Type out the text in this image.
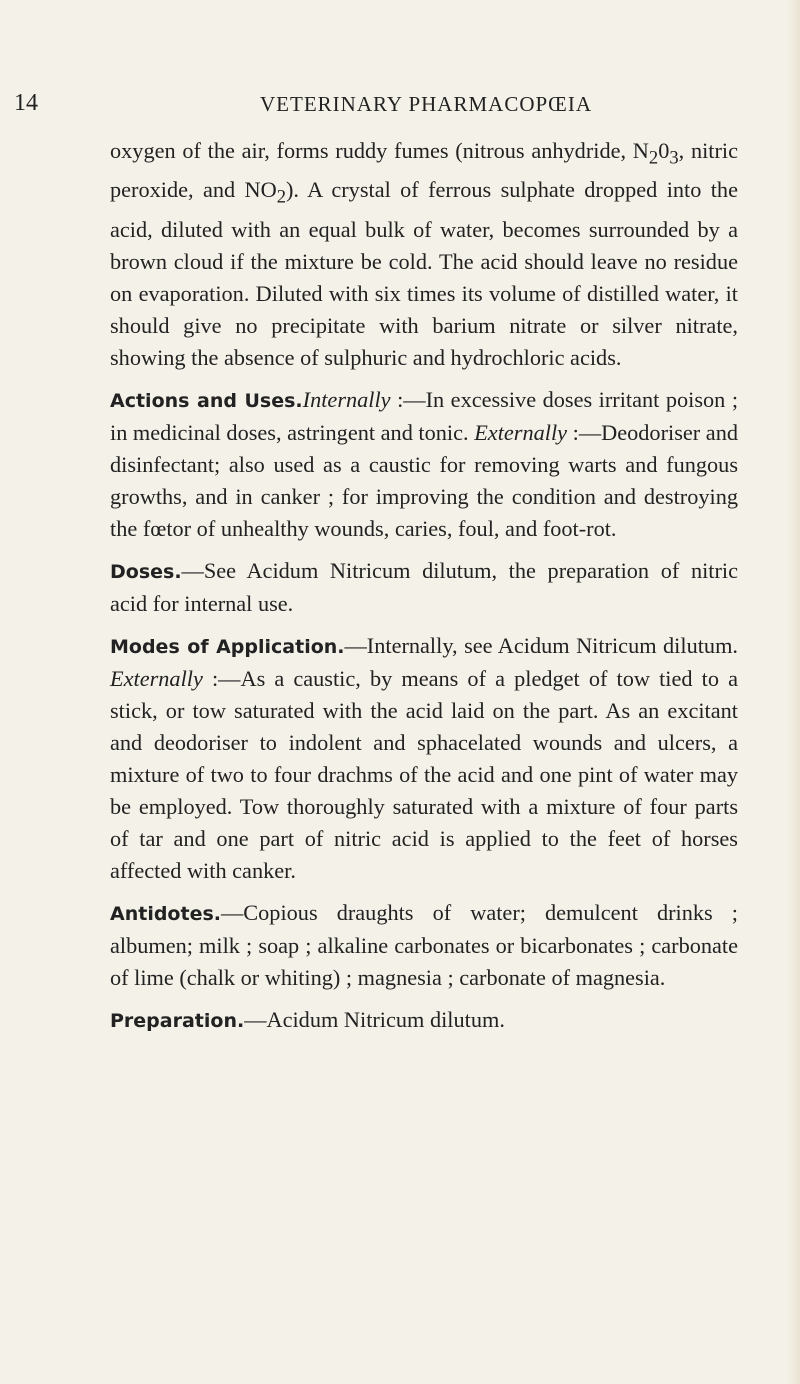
14	VETERINARY PHARMACOPŒIA

oxygen of the air, forms ruddy fumes (nitrous anhydride, $N_20_3$, nitric peroxide, and $NO_2$). A crystal of ferrous sulphate dropped into the acid, diluted with an equal bulk of water, becomes surrounded by a brown cloud if the mixture be cold. The acid should leave no residue on evaporation. Diluted with six times its volume of distilled water, it should give no precipitate with barium nitrate or silver nitrate, showing the absence of sulphuric and hydrochloric acids.

Actions and Uses.Internally :—In excessive doses irritant poison ; in medicinal doses, astringent and tonic. Externally :—Deodoriser and disinfectant; also used as a caustic for removing warts and fungous growths, and in canker ; for improving the condition and destroying the fœtor of unhealthy wounds, caries, foul, and foot-rot.

Doses.—See Acidum Nitricum dilutum, the preparation of nitric acid for internal use.

Modes of Application.—Internally, see Acidum Nitricum dilutum. Externally :—As a caustic, by means of a pledget of tow tied to a stick, or tow saturated with the acid laid on the part. As an excitant and deodoriser to indolent and sphacelated wounds and ulcers, a mixture of two to four drachms of the acid and one pint of water may be employed. Tow thoroughly saturated with a mixture of four parts of tar and one part of nitric acid is applied to the feet of horses affected with canker.

Antidotes.—Copious draughts of water; demulcent drinks ; albumen; milk ; soap ; alkaline carbonates or bicarbonates ; carbonate of lime (chalk or whiting) ; magnesia ; carbonate of magnesia.

Preparation.—Acidum Nitricum dilutum.
